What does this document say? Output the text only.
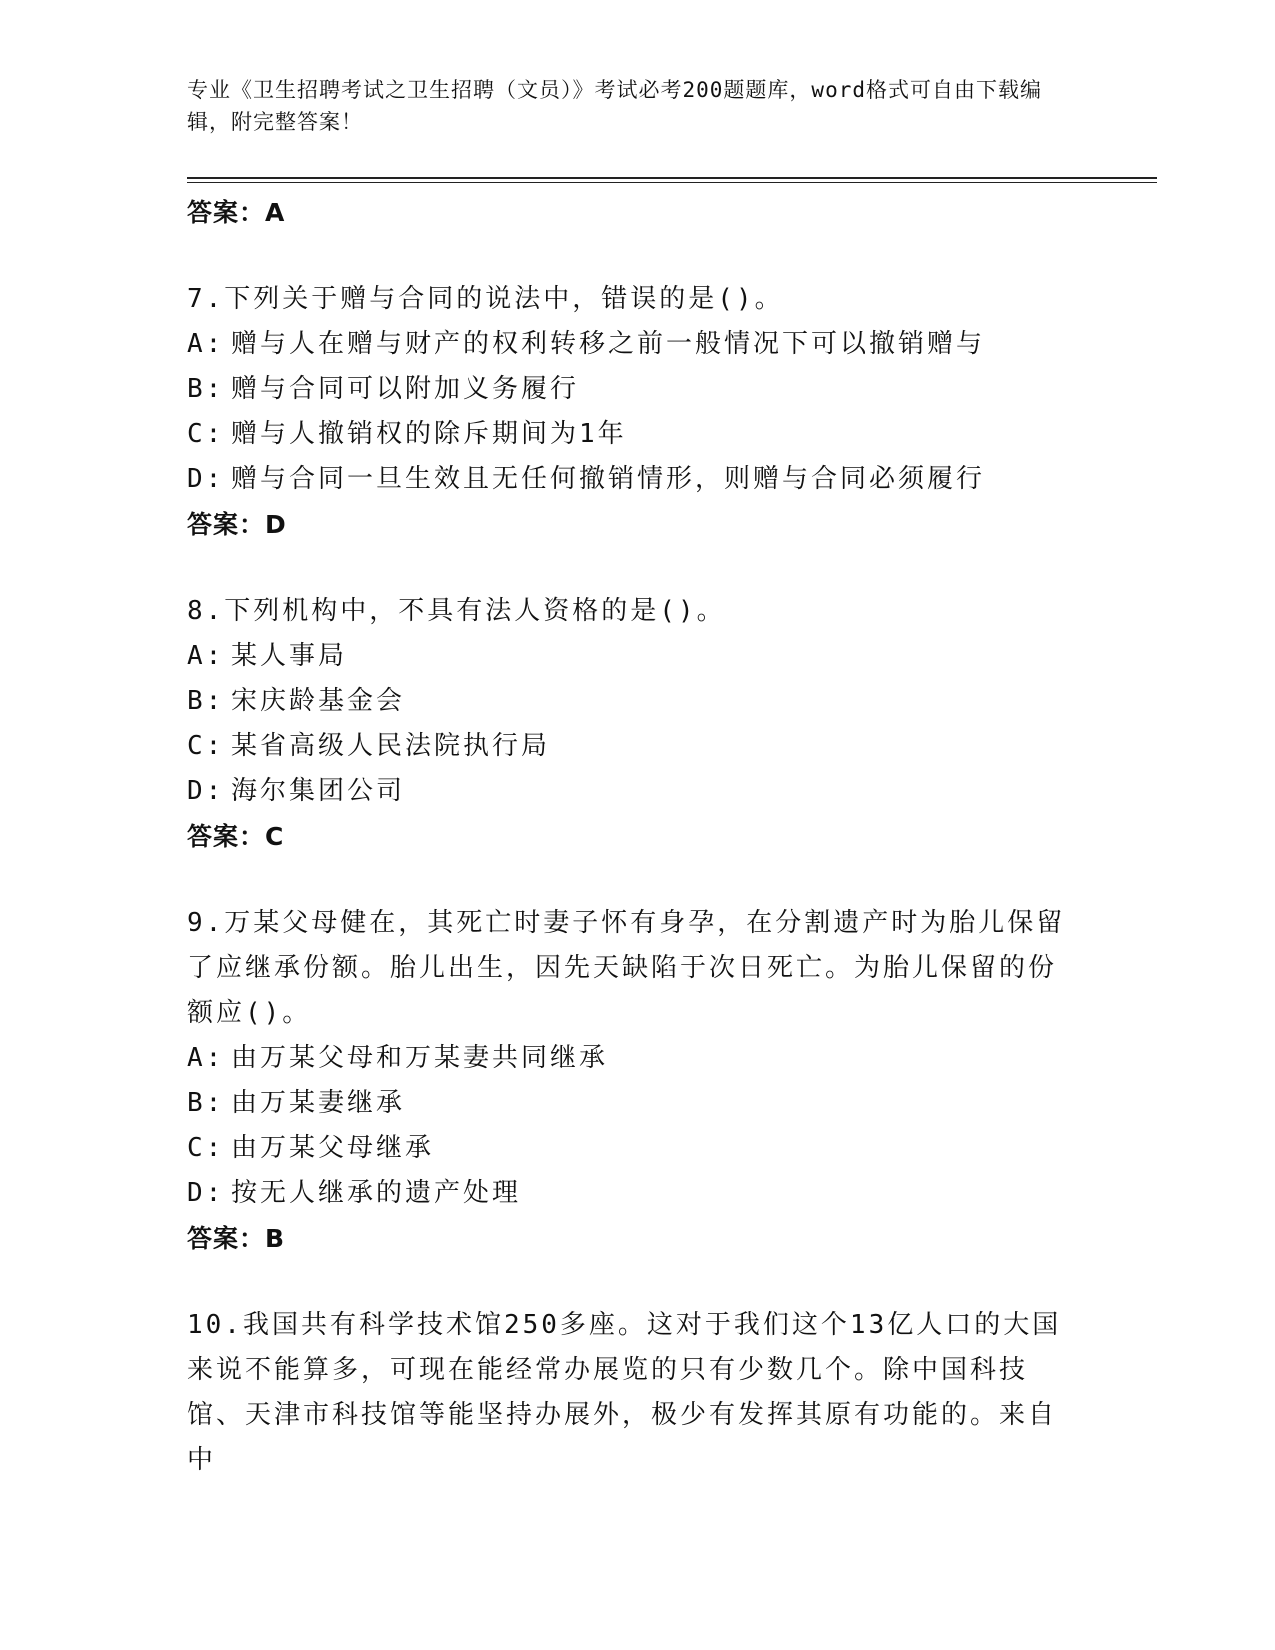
专业《卫生招聘考试之卫生招聘（文员）》考试必考200题题库，word格式可自由下载编辑，附完整答案！
答案：A
7.下列关于赠与合同的说法中，错误的是()。
A: 赠与人在赠与财产的权利转移之前一般情况下可以撤销赠与
B: 赠与合同可以附加义务履行
C: 赠与人撤销权的除斥期间为1年
D: 赠与合同一旦生效且无任何撤销情形，则赠与合同必须履行
答案：D
8.下列机构中，不具有法人资格的是()。
A: 某人事局
B: 宋庆龄基金会
C: 某省高级人民法院执行局
D: 海尔集团公司
答案：C
9.万某父母健在，其死亡时妻子怀有身孕，在分割遗产时为胎儿保留了应继承份额。胎儿出生，因先天缺陷于次日死亡。为胎儿保留的份额应()。
A: 由万某父母和万某妻共同继承
B: 由万某妻继承
C: 由万某父母继承
D: 按无人继承的遗产处理
答案：B
10.我国共有科学技术馆250多座。这对于我们这个13亿人口的大国来说不能算多，可现在能经常办展览的只有少数几个。除中国科技馆、天津市科技馆等能坚持办展外，极少有发挥其原有功能的。来自中
